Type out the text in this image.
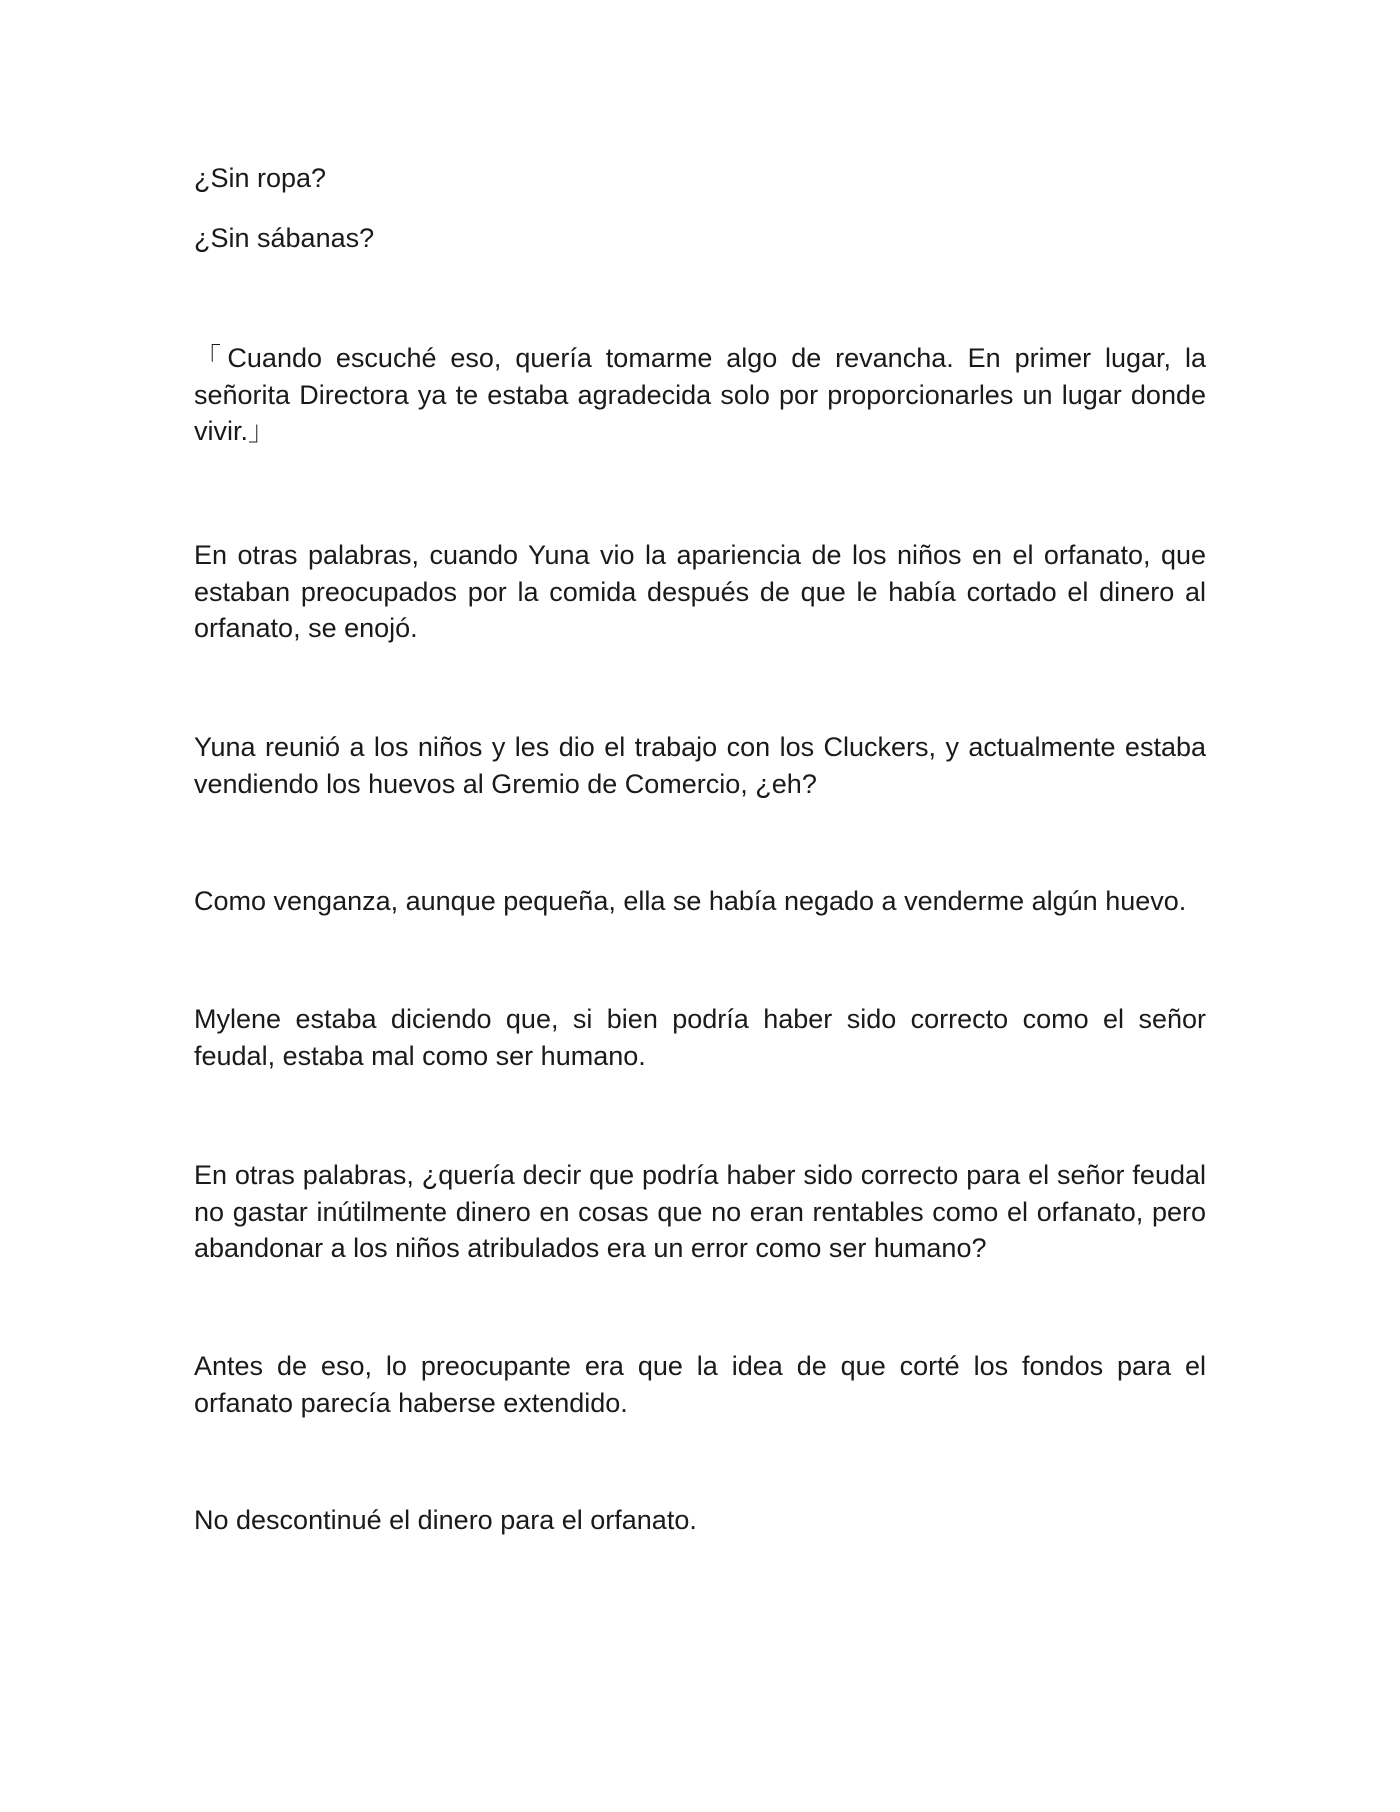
¿Sin ropa?

¿Sin sábanas?

「Cuando escuché eso, quería tomarme algo de revancha. En primer lugar, la señorita Directora ya te estaba agradecida solo por proporcionarles un lugar donde vivir.」

En otras palabras, cuando Yuna vio la apariencia de los niños en el orfanato, que estaban preocupados por la comida después de que le había cortado el dinero al orfanato, se enojó.

Yuna reunió a los niños y les dio el trabajo con los Cluckers, y actualmente estaba vendiendo los huevos al Gremio de Comercio, ¿eh?

Como venganza, aunque pequeña, ella se había negado a venderme algún huevo.

Mylene estaba diciendo que, si bien podría haber sido correcto como el señor feudal, estaba mal como ser humano.

En otras palabras, ¿quería decir que podría haber sido correcto para el señor feudal no gastar inútilmente dinero en cosas que no eran rentables como el orfanato, pero abandonar a los niños atribulados era un error como ser humano?

Antes de eso, lo preocupante era que la idea de que corté los fondos para el orfanato parecía haberse extendido.

No descontinué el dinero para el orfanato.
